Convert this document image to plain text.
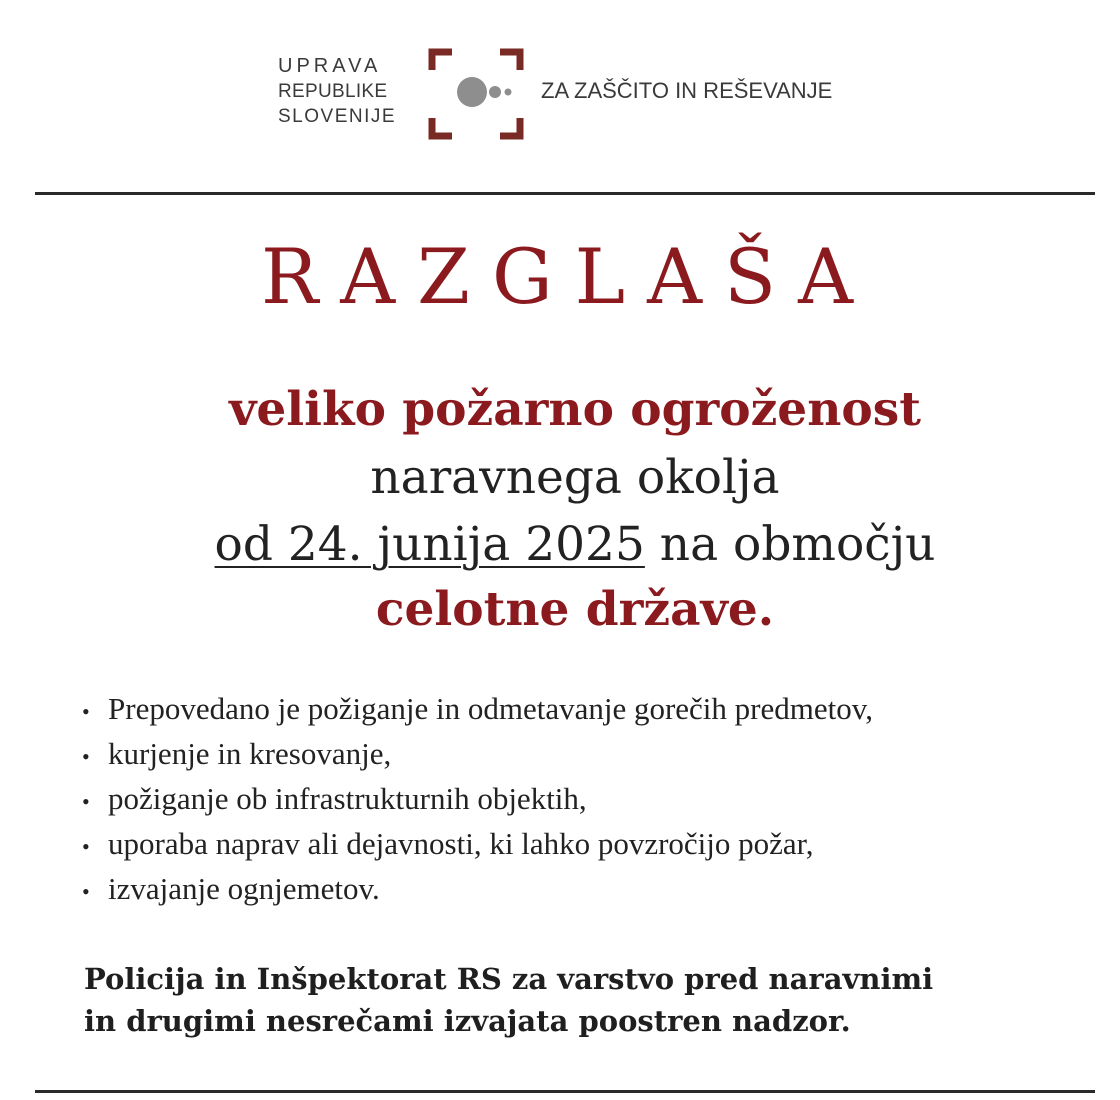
UPRAVA
REPUBLIKE
SLOVENIJE
ZA ZAŠČITO IN REŠEVANJE
RAZGLAŠA
veliko požarno ogroženost
naravnega okolja
od 24. junija 2025 na območju
celotne države.
• Prepovedano je požiganje in odmetavanje gorečih predmetov,
• kurjenje in kresovanje,
• požiganje ob infrastrukturnih objektih,
• uporaba naprav ali dejavnosti, ki lahko povzročijo požar,
• izvajanje ognjemetov.
Policija in Inšpektorat RS za varstvo pred naravnimi
in drugimi nesrečami izvajata poostren nadzor.
